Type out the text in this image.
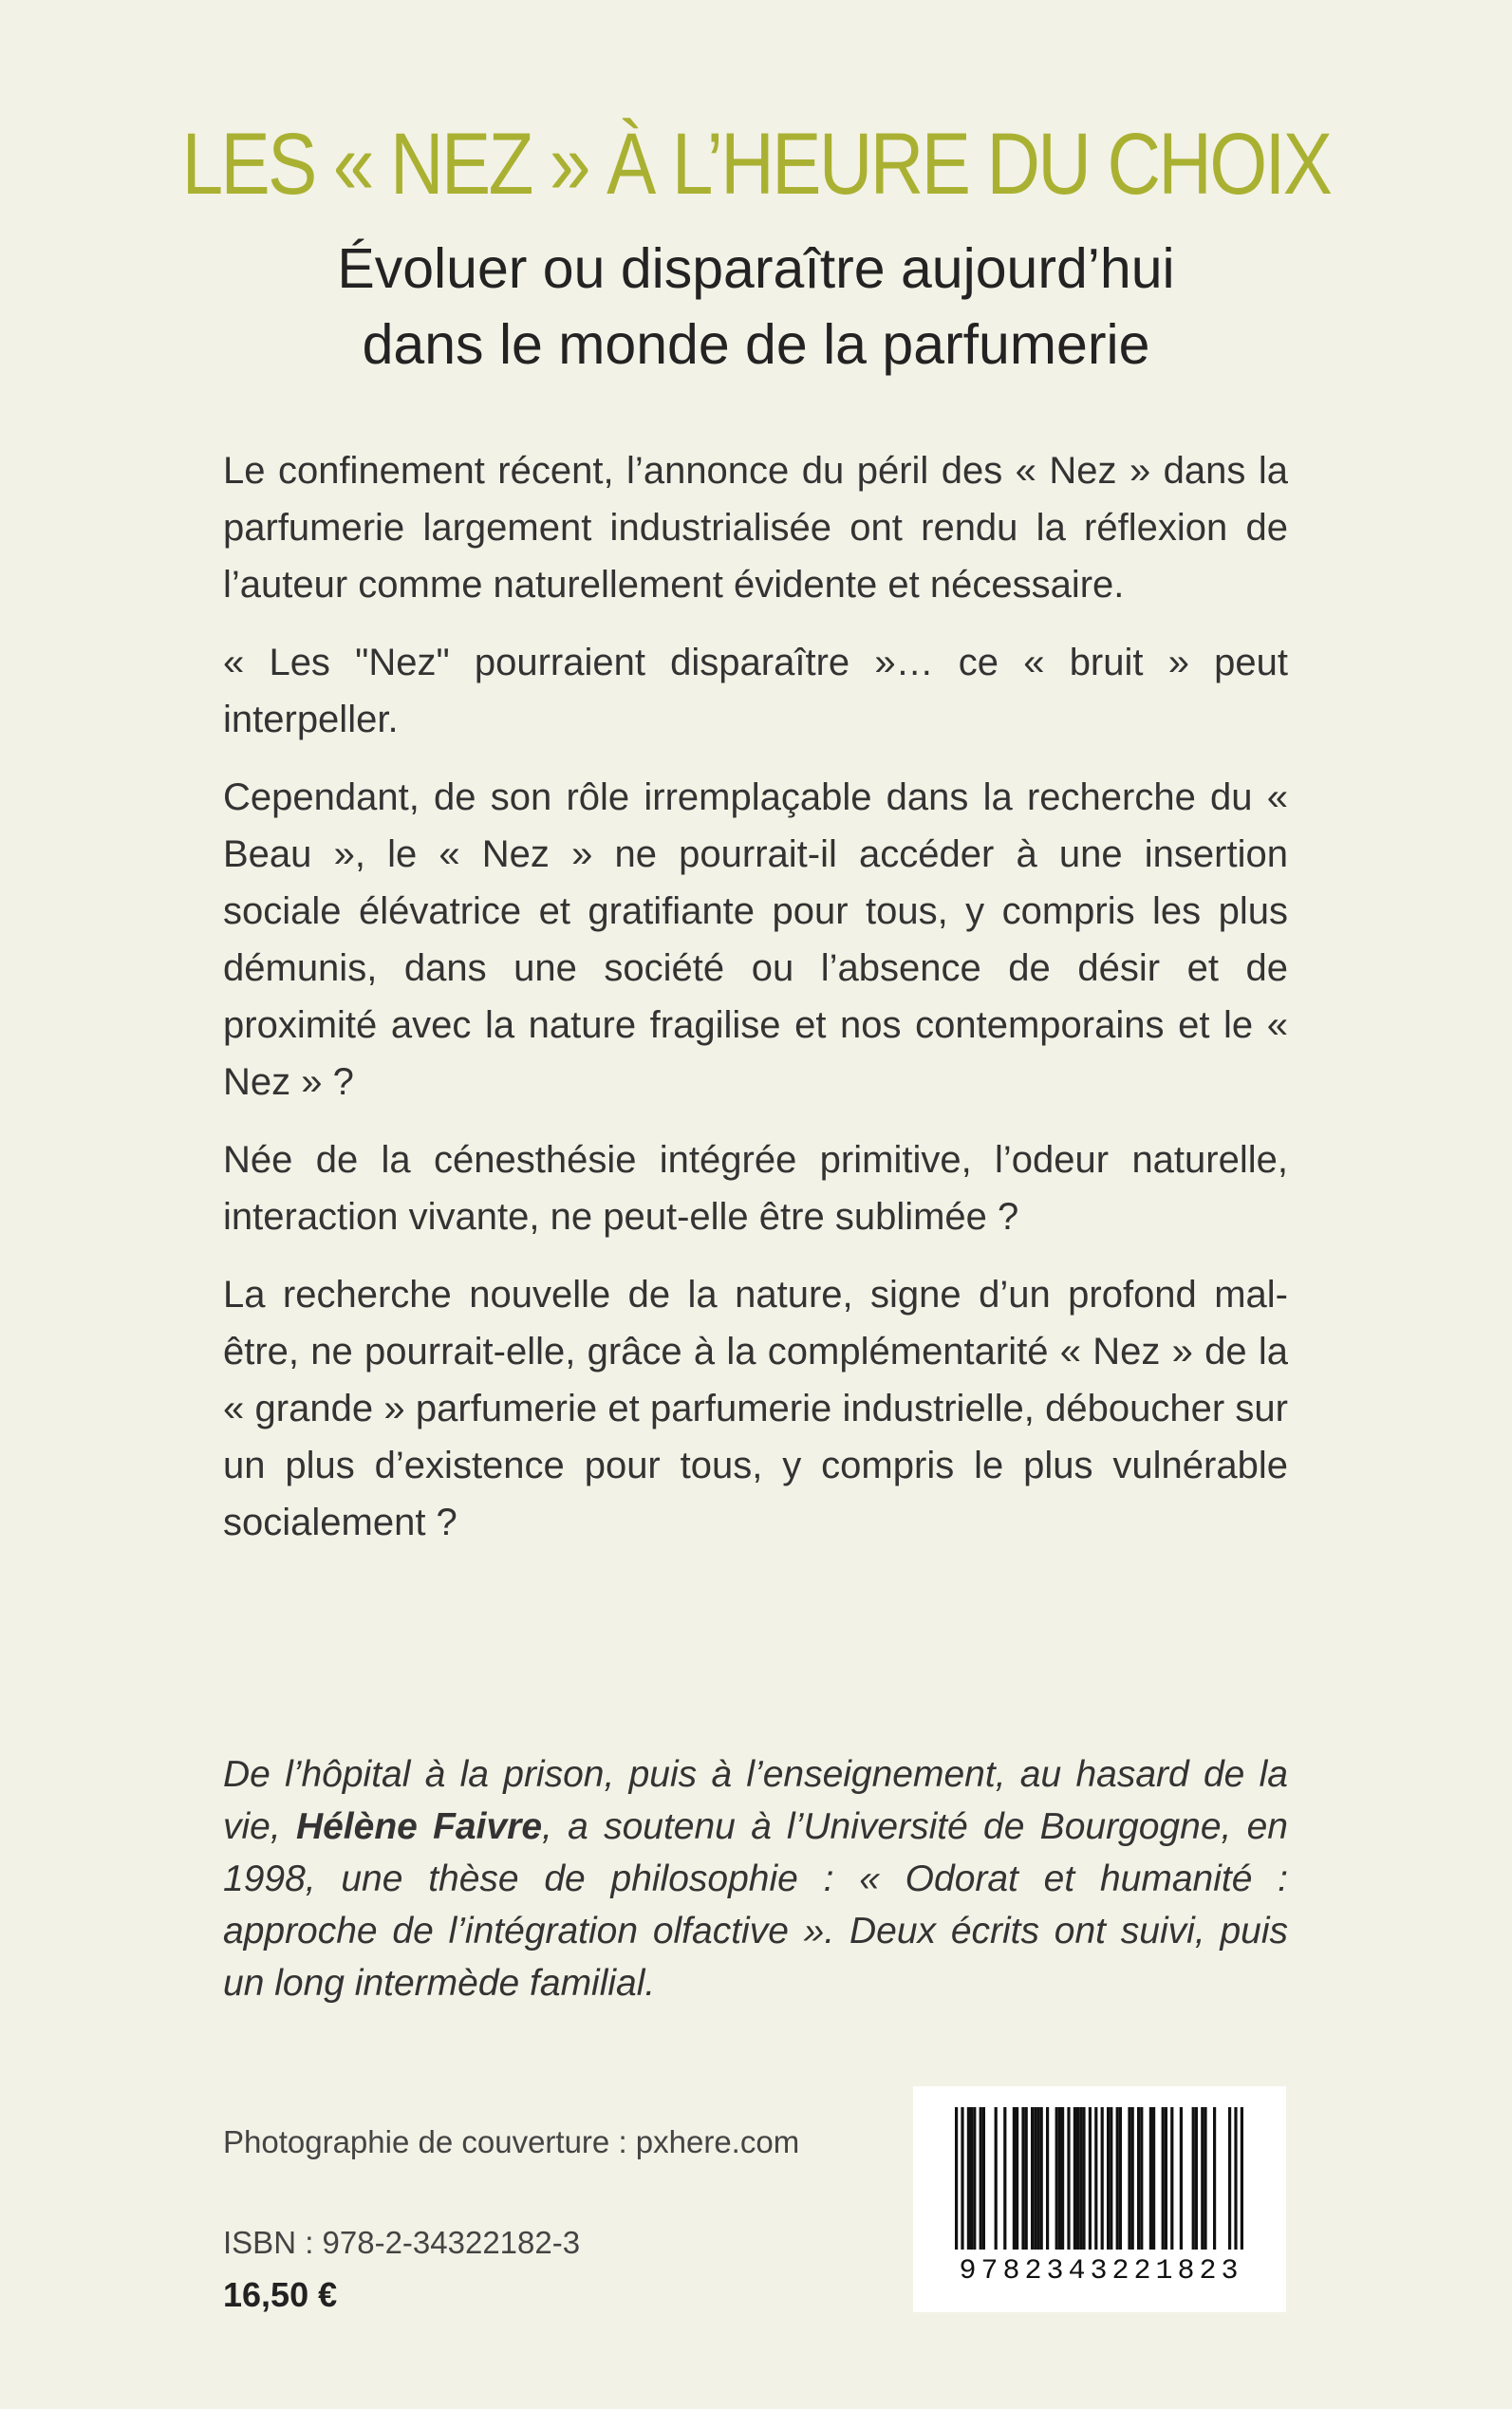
LES « NEZ » À L’HEURE DU CHOIX
Évoluer ou disparaître aujourd’hui
dans le monde de la parfumerie

Le confinement récent, l’annonce du péril des « Nez » dans la parfumerie largement industrialisée ont rendu la réflexion de l’auteur comme naturellement évidente et nécessaire.

« Les "Nez" pourraient disparaître »… ce « bruit » peut interpeller.

Cependant, de son rôle irremplaçable dans la recherche du « Beau », le « Nez » ne pourrait-il accéder à une insertion sociale élévatrice et gratifiante pour tous, y compris les plus démunis, dans une société ou l’absence de désir et de proximité avec la nature fragilise et nos contemporains et le « Nez » ?

Née de la cénesthésie intégrée primitive, l’odeur naturelle, interaction vivante, ne peut-elle être sublimée ?

La recherche nouvelle de la nature, signe d’un profond mal-être, ne pourrait-elle, grâce à la complémentarité « Nez » de la « grande » parfumerie et parfumerie industrielle, déboucher sur un plus d’existence pour tous, y compris le plus vulnérable socialement ?

De l’hôpital à la prison, puis à l’enseignement, au hasard de la vie, Hélène Faivre, a soutenu à l’Université de Bourgogne, en 1998, une thèse de philosophie : « Odorat et humanité : approche de l’intégration olfactive ». Deux écrits ont suivi, puis un long intermède familial.
Photographie de couverture : pxhere.com
ISBN : 978-2-34322182-3
16,50 €
9782343221823
